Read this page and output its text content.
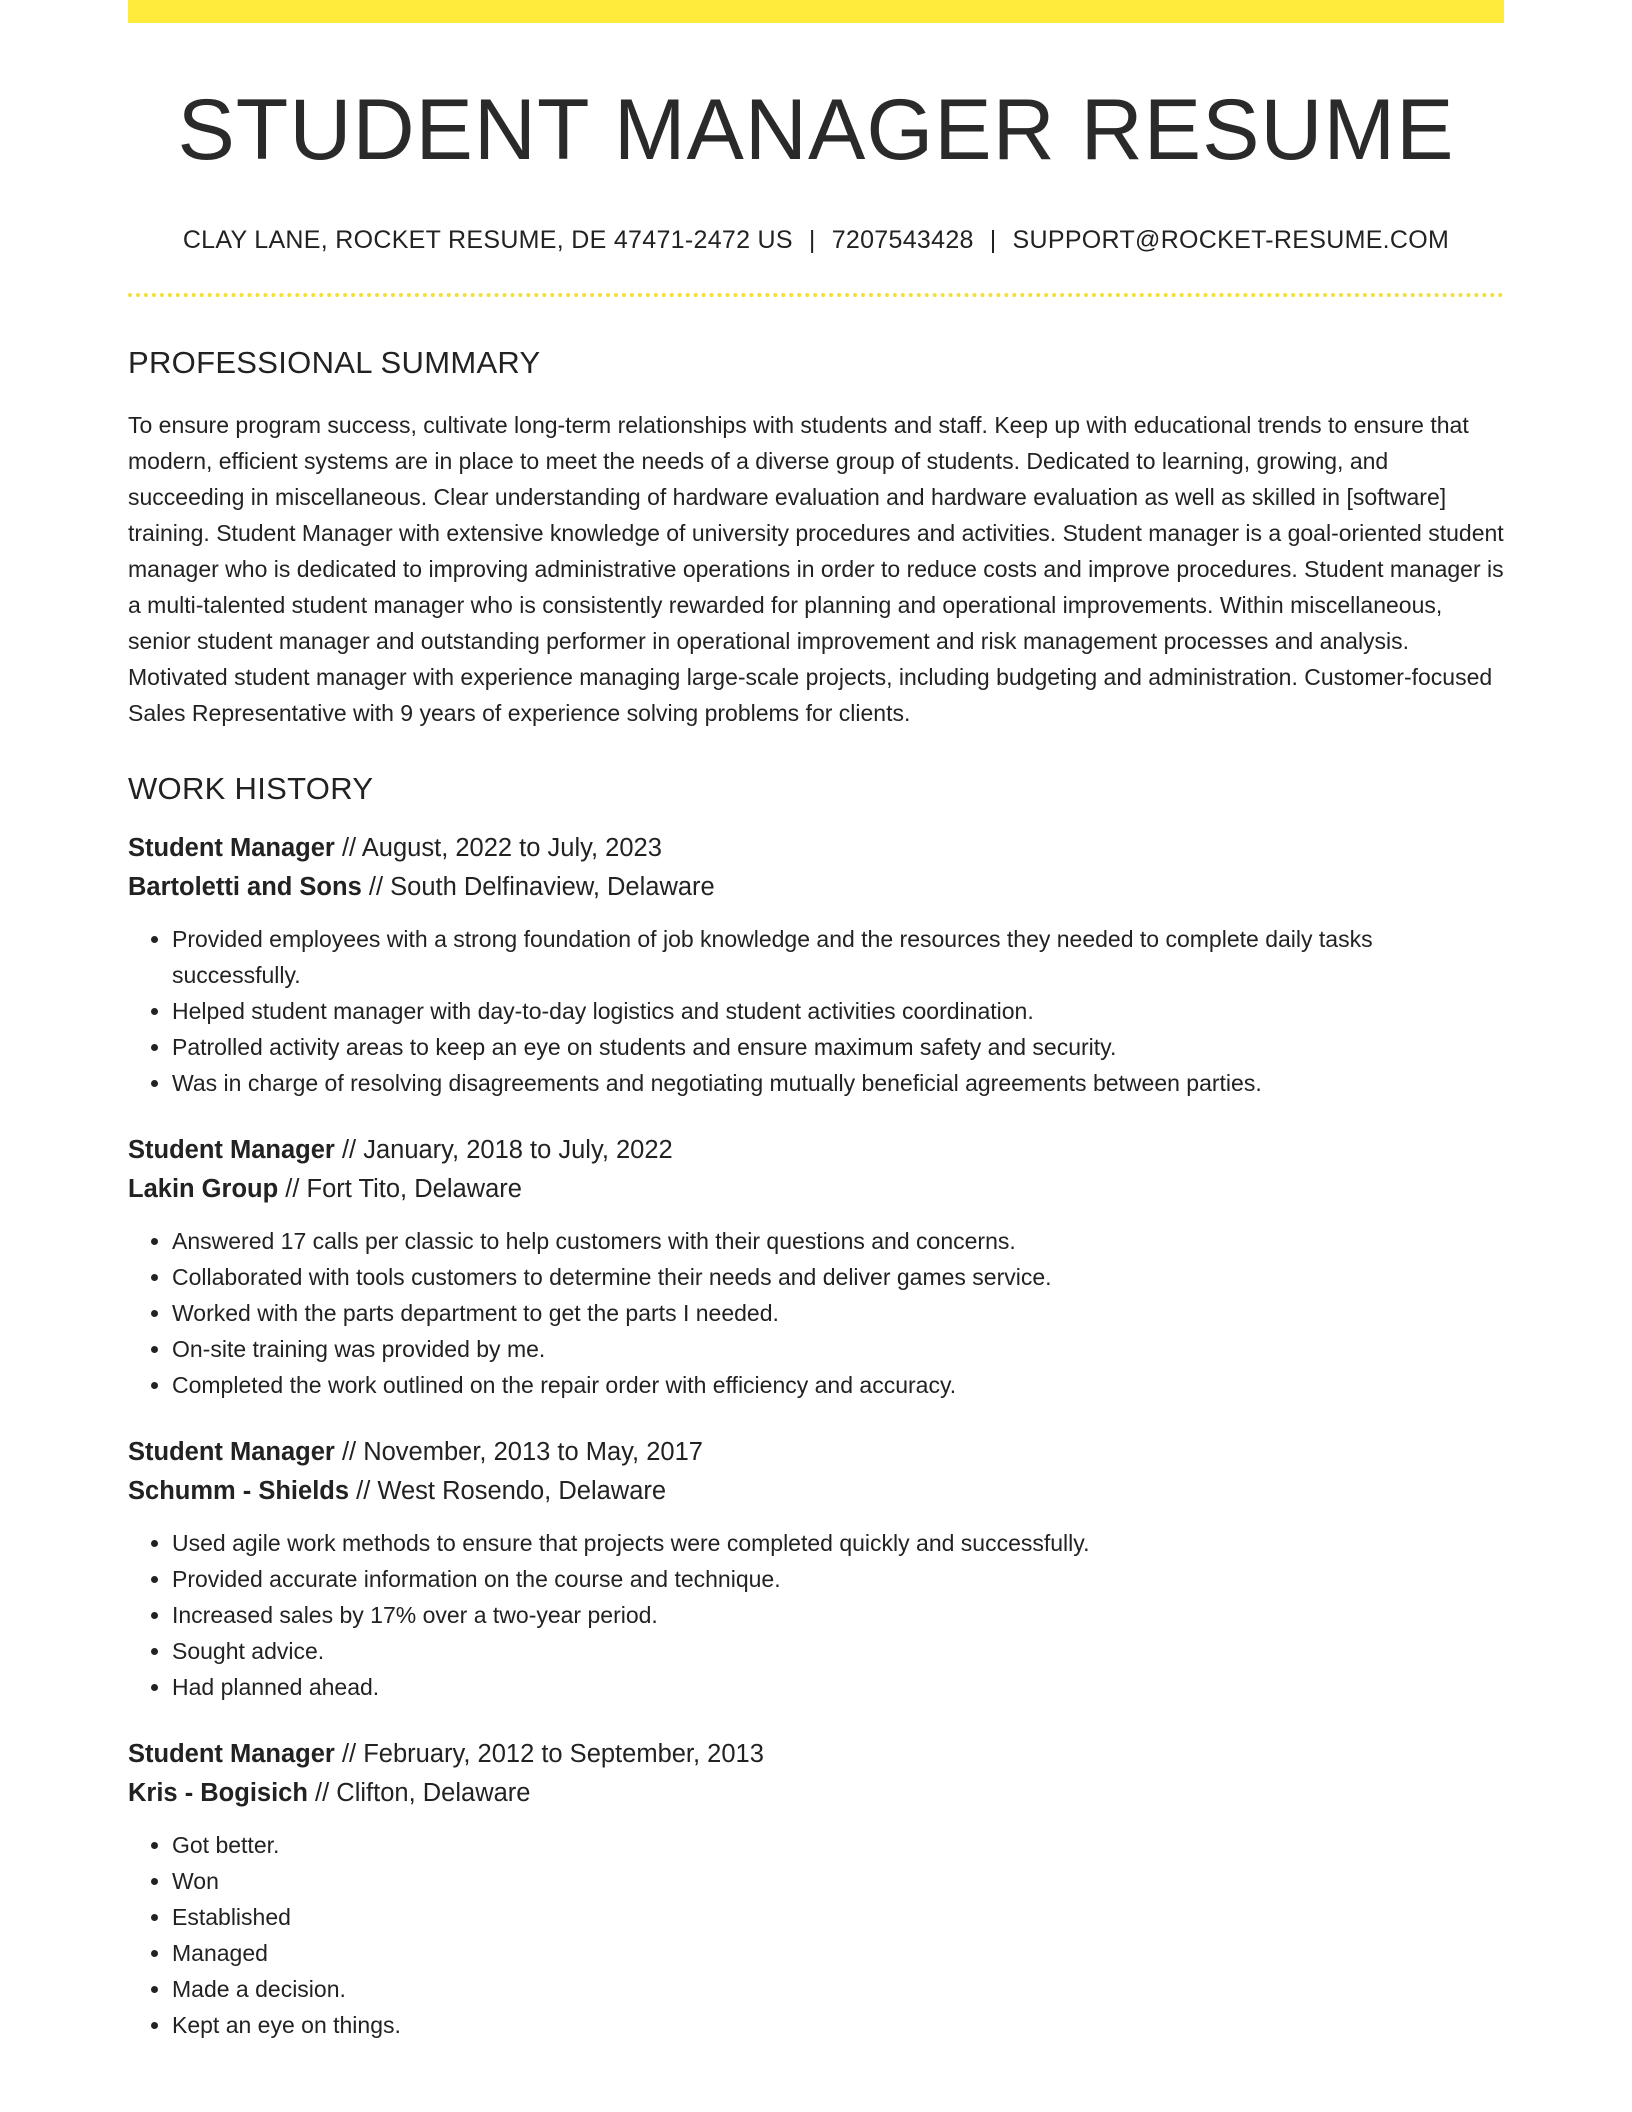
STUDENT MANAGER RESUME
CLAY LANE, ROCKET RESUME, DE 47471-2472 US | 7207543428 | SUPPORT@ROCKET-RESUME.COM
PROFESSIONAL SUMMARY
To ensure program success, cultivate long-term relationships with students and staff. Keep up with educational trends to ensure that modern, efficient systems are in place to meet the needs of a diverse group of students. Dedicated to learning, growing, and succeeding in miscellaneous. Clear understanding of hardware evaluation and hardware evaluation as well as skilled in [software] training. Student Manager with extensive knowledge of university procedures and activities. Student manager is a goal-oriented student manager who is dedicated to improving administrative operations in order to reduce costs and improve procedures. Student manager is a multi-talented student manager who is consistently rewarded for planning and operational improvements. Within miscellaneous, senior student manager and outstanding performer in operational improvement and risk management processes and analysis. Motivated student manager with experience managing large-scale projects, including budgeting and administration. Customer-focused Sales Representative with 9 years of experience solving problems for clients.
WORK HISTORY
Student Manager // August, 2022 to July, 2023
Bartoletti and Sons // South Delfinaview, Delaware
• Provided employees with a strong foundation of job knowledge and the resources they needed to complete daily tasks successfully.
• Helped student manager with day-to-day logistics and student activities coordination.
• Patrolled activity areas to keep an eye on students and ensure maximum safety and security.
• Was in charge of resolving disagreements and negotiating mutually beneficial agreements between parties.
Student Manager // January, 2018 to July, 2022
Lakin Group // Fort Tito, Delaware
• Answered 17 calls per classic to help customers with their questions and concerns.
• Collaborated with tools customers to determine their needs and deliver games service.
• Worked with the parts department to get the parts I needed.
• On-site training was provided by me.
• Completed the work outlined on the repair order with efficiency and accuracy.
Student Manager // November, 2013 to May, 2017
Schumm - Shields // West Rosendo, Delaware
• Used agile work methods to ensure that projects were completed quickly and successfully.
• Provided accurate information on the course and technique.
• Increased sales by 17% over a two-year period.
• Sought advice.
• Had planned ahead.
Student Manager // February, 2012 to September, 2013
Kris - Bogisich // Clifton, Delaware
• Got better.
• Won
• Established
• Managed
• Made a decision.
• Kept an eye on things.
